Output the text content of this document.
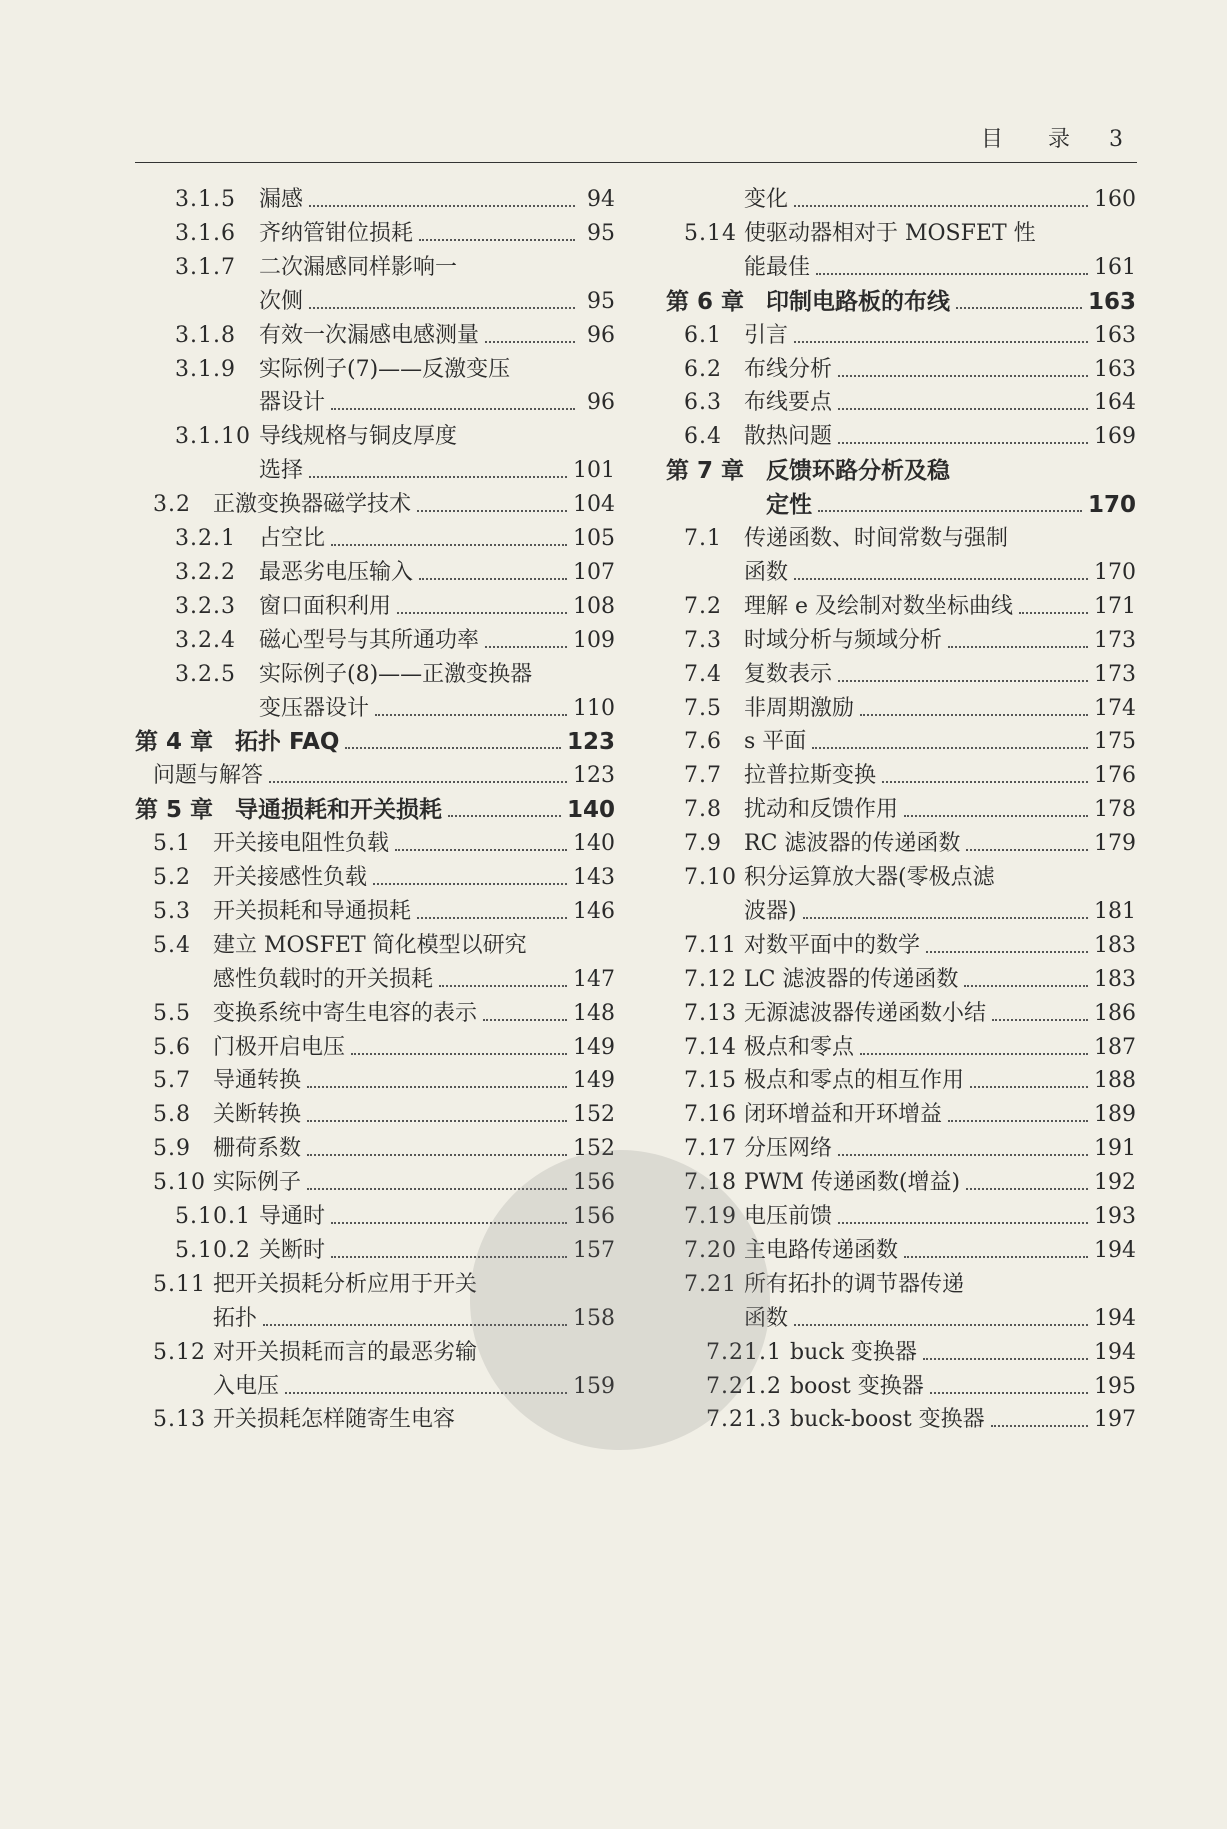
目 录 3
3.1.5	漏感	94
3.1.6	齐纳管钳位损耗	95
3.1.7	二次漏感同样影响一
次侧	95
3.1.8	有效一次漏感电感测量	96
3.1.9	实际例子(7)——反激变压
器设计	96
3.1.10 导线规格与铜皮厚度
选择	101
3.2	正激变换器磁学技术	104
3.2.1	占空比	105
3.2.2	最恶劣电压输入	107
3.2.3	窗口面积利用	108
3.2.4	磁心型号与其所通功率	109
3.2.5	实际例子(8)——正激变换器
变压器设计	110
第 4 章 拓扑 FAQ	123
问题与解答	123
第 5 章 导通损耗和开关损耗	140
5.1	开关接电阻性负载	140
5.2	开关接感性负载	143
5.3	开关损耗和导通损耗	146
5.4	建立 MOSFET 简化模型以研究
感性负载时的开关损耗	147
5.5	变换系统中寄生电容的表示	148
5.6	门极开启电压	149
5.7	导通转换	149
5.8	关断转换	152
5.9	栅荷系数	152
5.10 实际例子	156
5.10.1 导通时	156
5.10.2 关断时	157
5.11 把开关损耗分析应用于开关
拓扑	158
5.12 对开关损耗而言的最恶劣输
入电压	159
5.13 开关损耗怎样随寄生电容
变化	160
5.14 使驱动器相对于 MOSFET 性
能最佳	161
第 6 章 印制电路板的布线	163
6.1	引言	163
6.2	布线分析	163
6.3	布线要点	164
6.4	散热问题	169
第 7 章 反馈环路分析及稳
定性	170
7.1	传递函数、时间常数与强制
函数	170
7.2	理解 e 及绘制对数坐标曲线	171
7.3	时域分析与频域分析	173
7.4	复数表示	173
7.5	非周期激励	174
7.6	s 平面	175
7.7	拉普拉斯变换	176
7.8	扰动和反馈作用	178
7.9	RC 滤波器的传递函数	179
7.10 积分运算放大器(零极点滤
波器)	181
7.11 对数平面中的数学	183
7.12 LC 滤波器的传递函数	183
7.13 无源滤波器传递函数小结	186
7.14 极点和零点	187
7.15 极点和零点的相互作用	188
7.16 闭环增益和开环增益	189
7.17 分压网络	191
7.18 PWM 传递函数(增益)	192
7.19 电压前馈	193
7.20 主电路传递函数	194
7.21 所有拓扑的调节器传递
函数	194
7.21.1 buck 变换器	194
7.21.2 boost 变换器	195
7.21.3 buck-boost 变换器	197
